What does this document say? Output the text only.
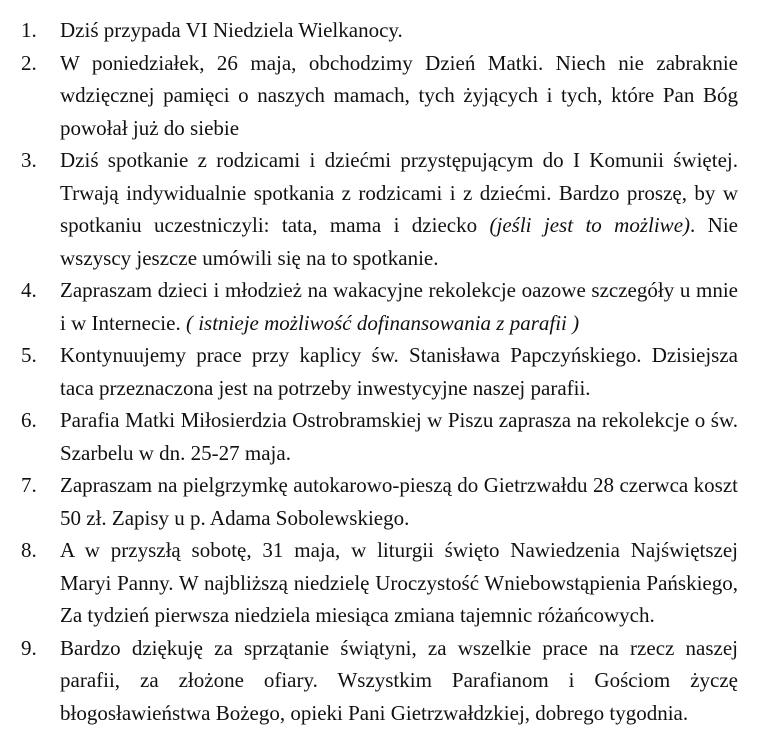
1. Dziś przypada VI Niedziela Wielkanocy.
2. W poniedziałek, 26 maja, obchodzimy Dzień Matki. Niech nie zabraknie wdzięcznej pamięci o naszych mamach, tych żyjących i tych, które Pan Bóg powołał już do siebie
3. Dziś spotkanie z rodzicami i dziećmi przystępującym do I Komunii świętej. Trwają indywidualnie spotkania z rodzicami i z dziećmi. Bardzo proszę, by w spotkaniu uczestniczyli: tata, mama i dziecko (jeśli jest to możliwe). Nie wszyscy jeszcze umówili się na to spotkanie.
4. Zapraszam dzieci i młodzież na wakacyjne rekolekcje oazowe szczegóły u mnie i w Internecie. ( istnieje możliwość dofinansowania z parafii )
5. Kontynuujemy prace przy kaplicy św. Stanisława Papczyńskiego. Dzisiejsza taca przeznaczona jest na potrzeby inwestycyjne naszej parafii.
6. Parafia Matki Miłosierdzia Ostrobramskiej w Piszu zaprasza na rekolekcje o św. Szarbelu w dn. 25-27 maja.
7. Zapraszam na pielgrzymkę autokarowo-pieszą do Gietrzwałdu 28 czerwca koszt 50 zł. Zapisy u p. Adama Sobolewskiego.
8. A w przyszłą sobotę, 31 maja, w liturgii święto Nawiedzenia Najświętszej Maryi Panny. W najbliższą niedzielę Uroczystość Wniebowstąpienia Pańskiego, Za tydzień pierwsza niedziela miesiąca zmiana tajemnic różańcowych.
9. Bardzo dziękuję za sprzątanie świątyni, za wszelkie prace na rzecz naszej parafii, za złożone ofiary. Wszystkim Parafianom i Gościom życzę błogosławieństwa Bożego, opieki Pani Gietrzwałdzkiej, dobrego tygodnia.
